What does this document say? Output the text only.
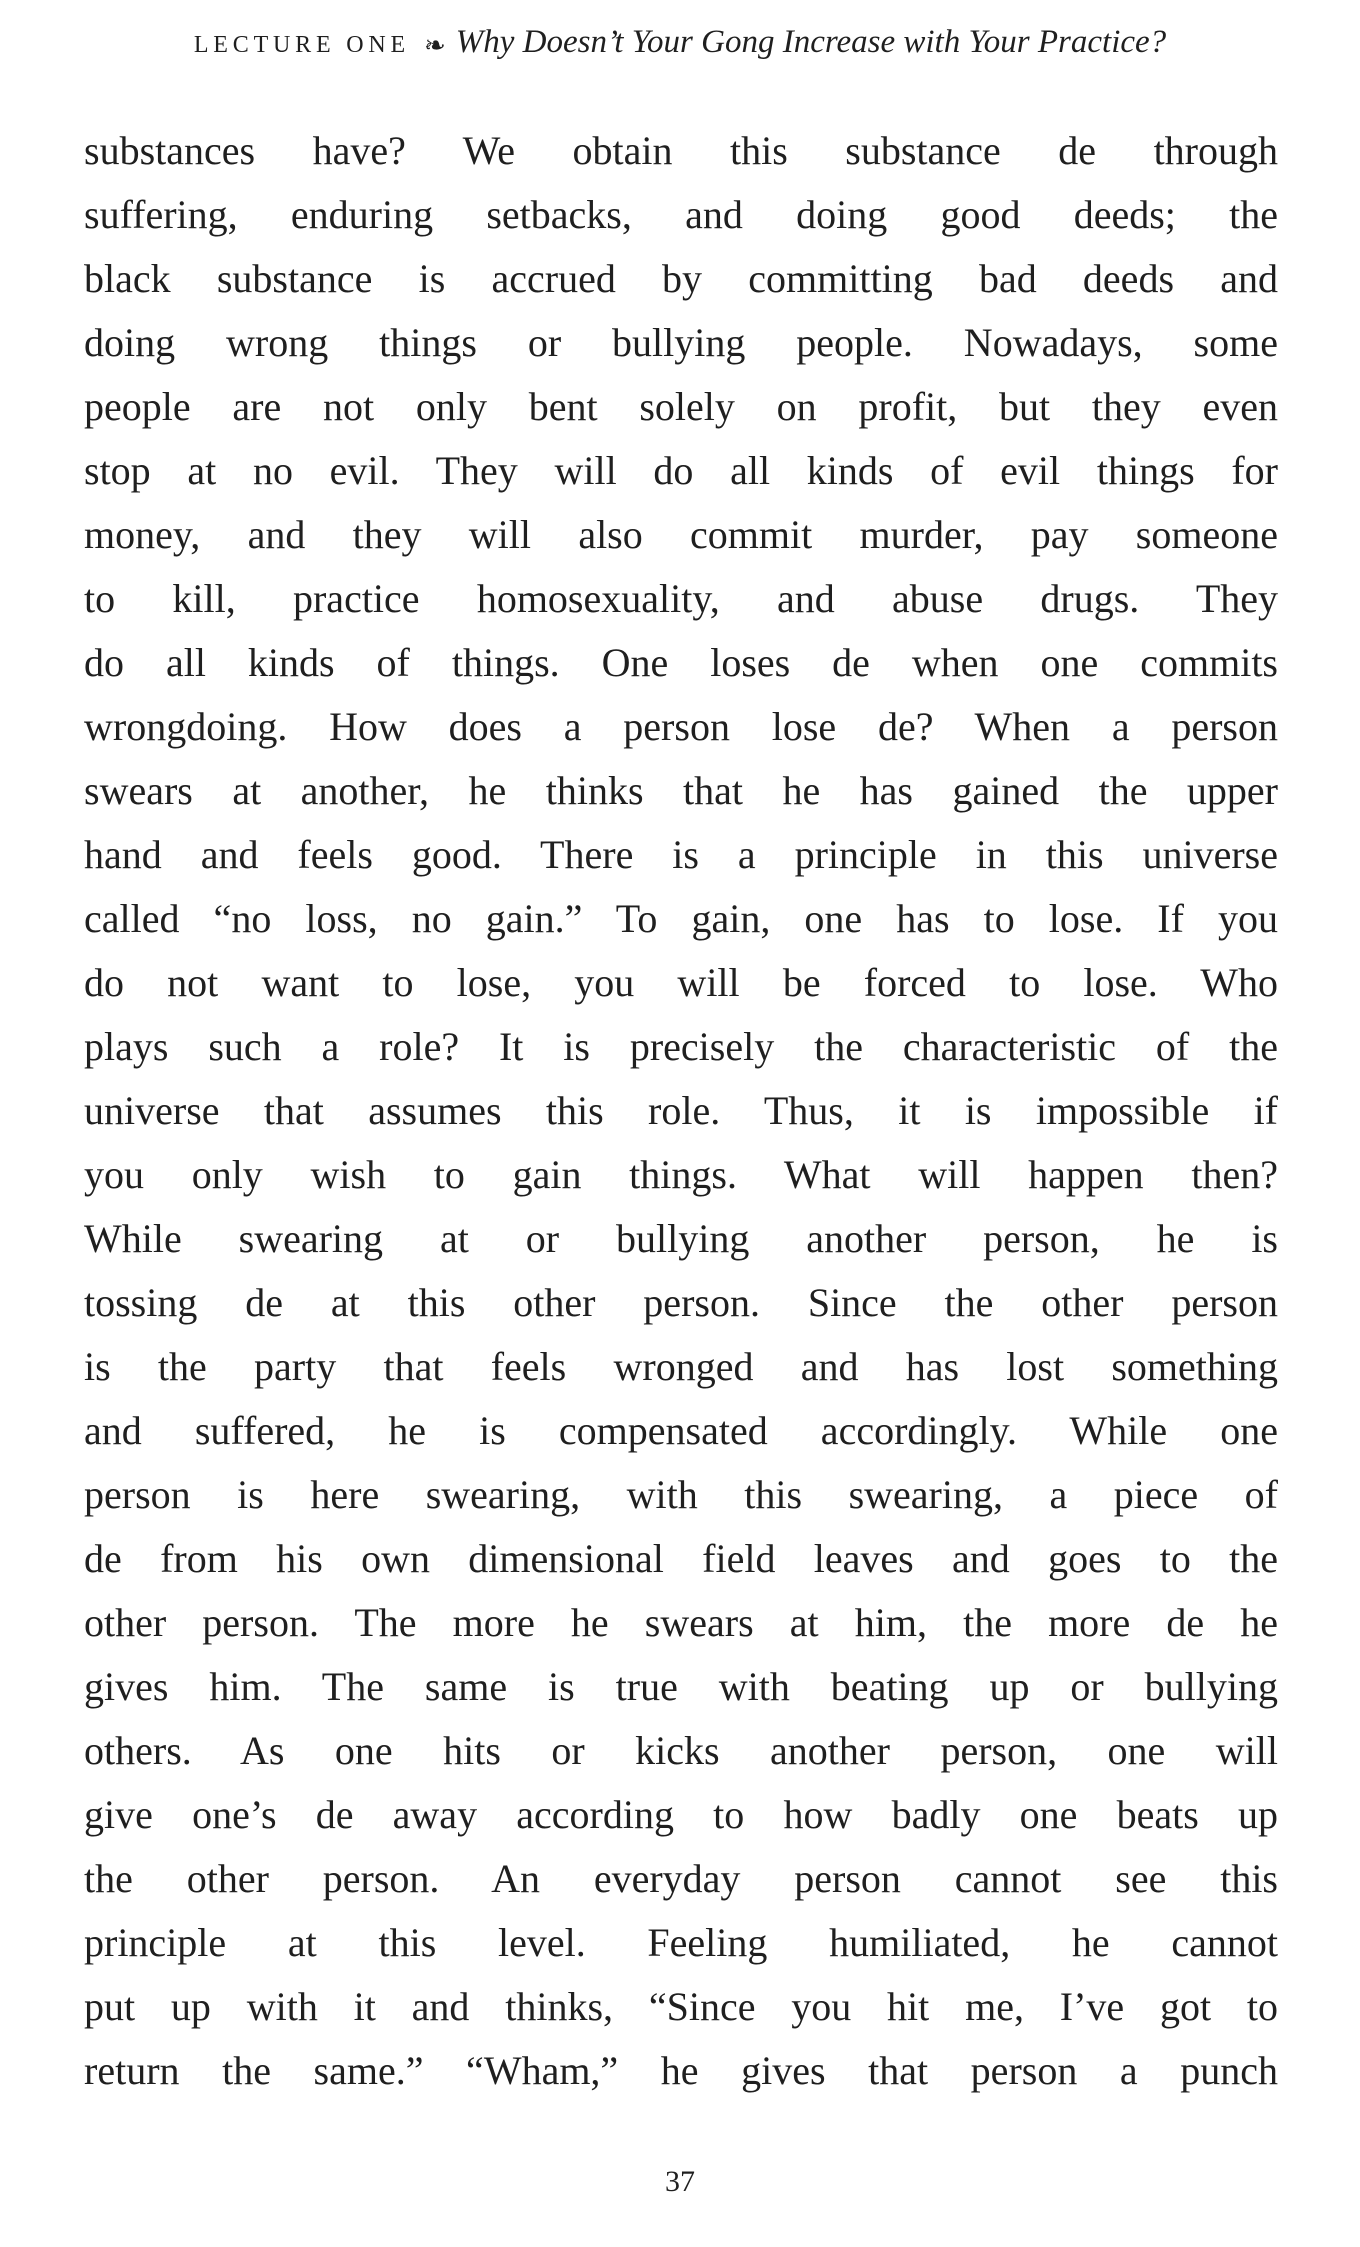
LECTURE ONE ❧ Why Doesn’t Your Gong Increase with Your Practice?
substances have? We obtain this substance de through
suffering, enduring setbacks, and doing good deeds; the
black substance is accrued by committing bad deeds and
doing wrong things or bullying people. Nowadays, some
people are not only bent solely on profit, but they even
stop at no evil. They will do all kinds of evil things for
money, and they will also commit murder, pay someone
to kill, practice homosexuality, and abuse drugs. They
do all kinds of things. One loses de when one commits
wrongdoing. How does a person lose de? When a person
swears at another, he thinks that he has gained the upper
hand and feels good. There is a principle in this universe
called “no loss, no gain.” To gain, one has to lose. If you
do not want to lose, you will be forced to lose. Who
plays such a role? It is precisely the characteristic of the
universe that assumes this role. Thus, it is impossible if
you only wish to gain things. What will happen then?
While swearing at or bullying another person, he is
tossing de at this other person. Since the other person
is the party that feels wronged and has lost something
and suffered, he is compensated accordingly. While one
person is here swearing, with this swearing, a piece of
de from his own dimensional field leaves and goes to the
other person. The more he swears at him, the more de he
gives him. The same is true with beating up or bullying
others. As one hits or kicks another person, one will
give one’s de away according to how badly one beats up
the other person. An everyday person cannot see this
principle at this level. Feeling humiliated, he cannot
put up with it and thinks, “Since you hit me, I’ve got to
return the same.” “Wham,” he gives that person a punch
37
